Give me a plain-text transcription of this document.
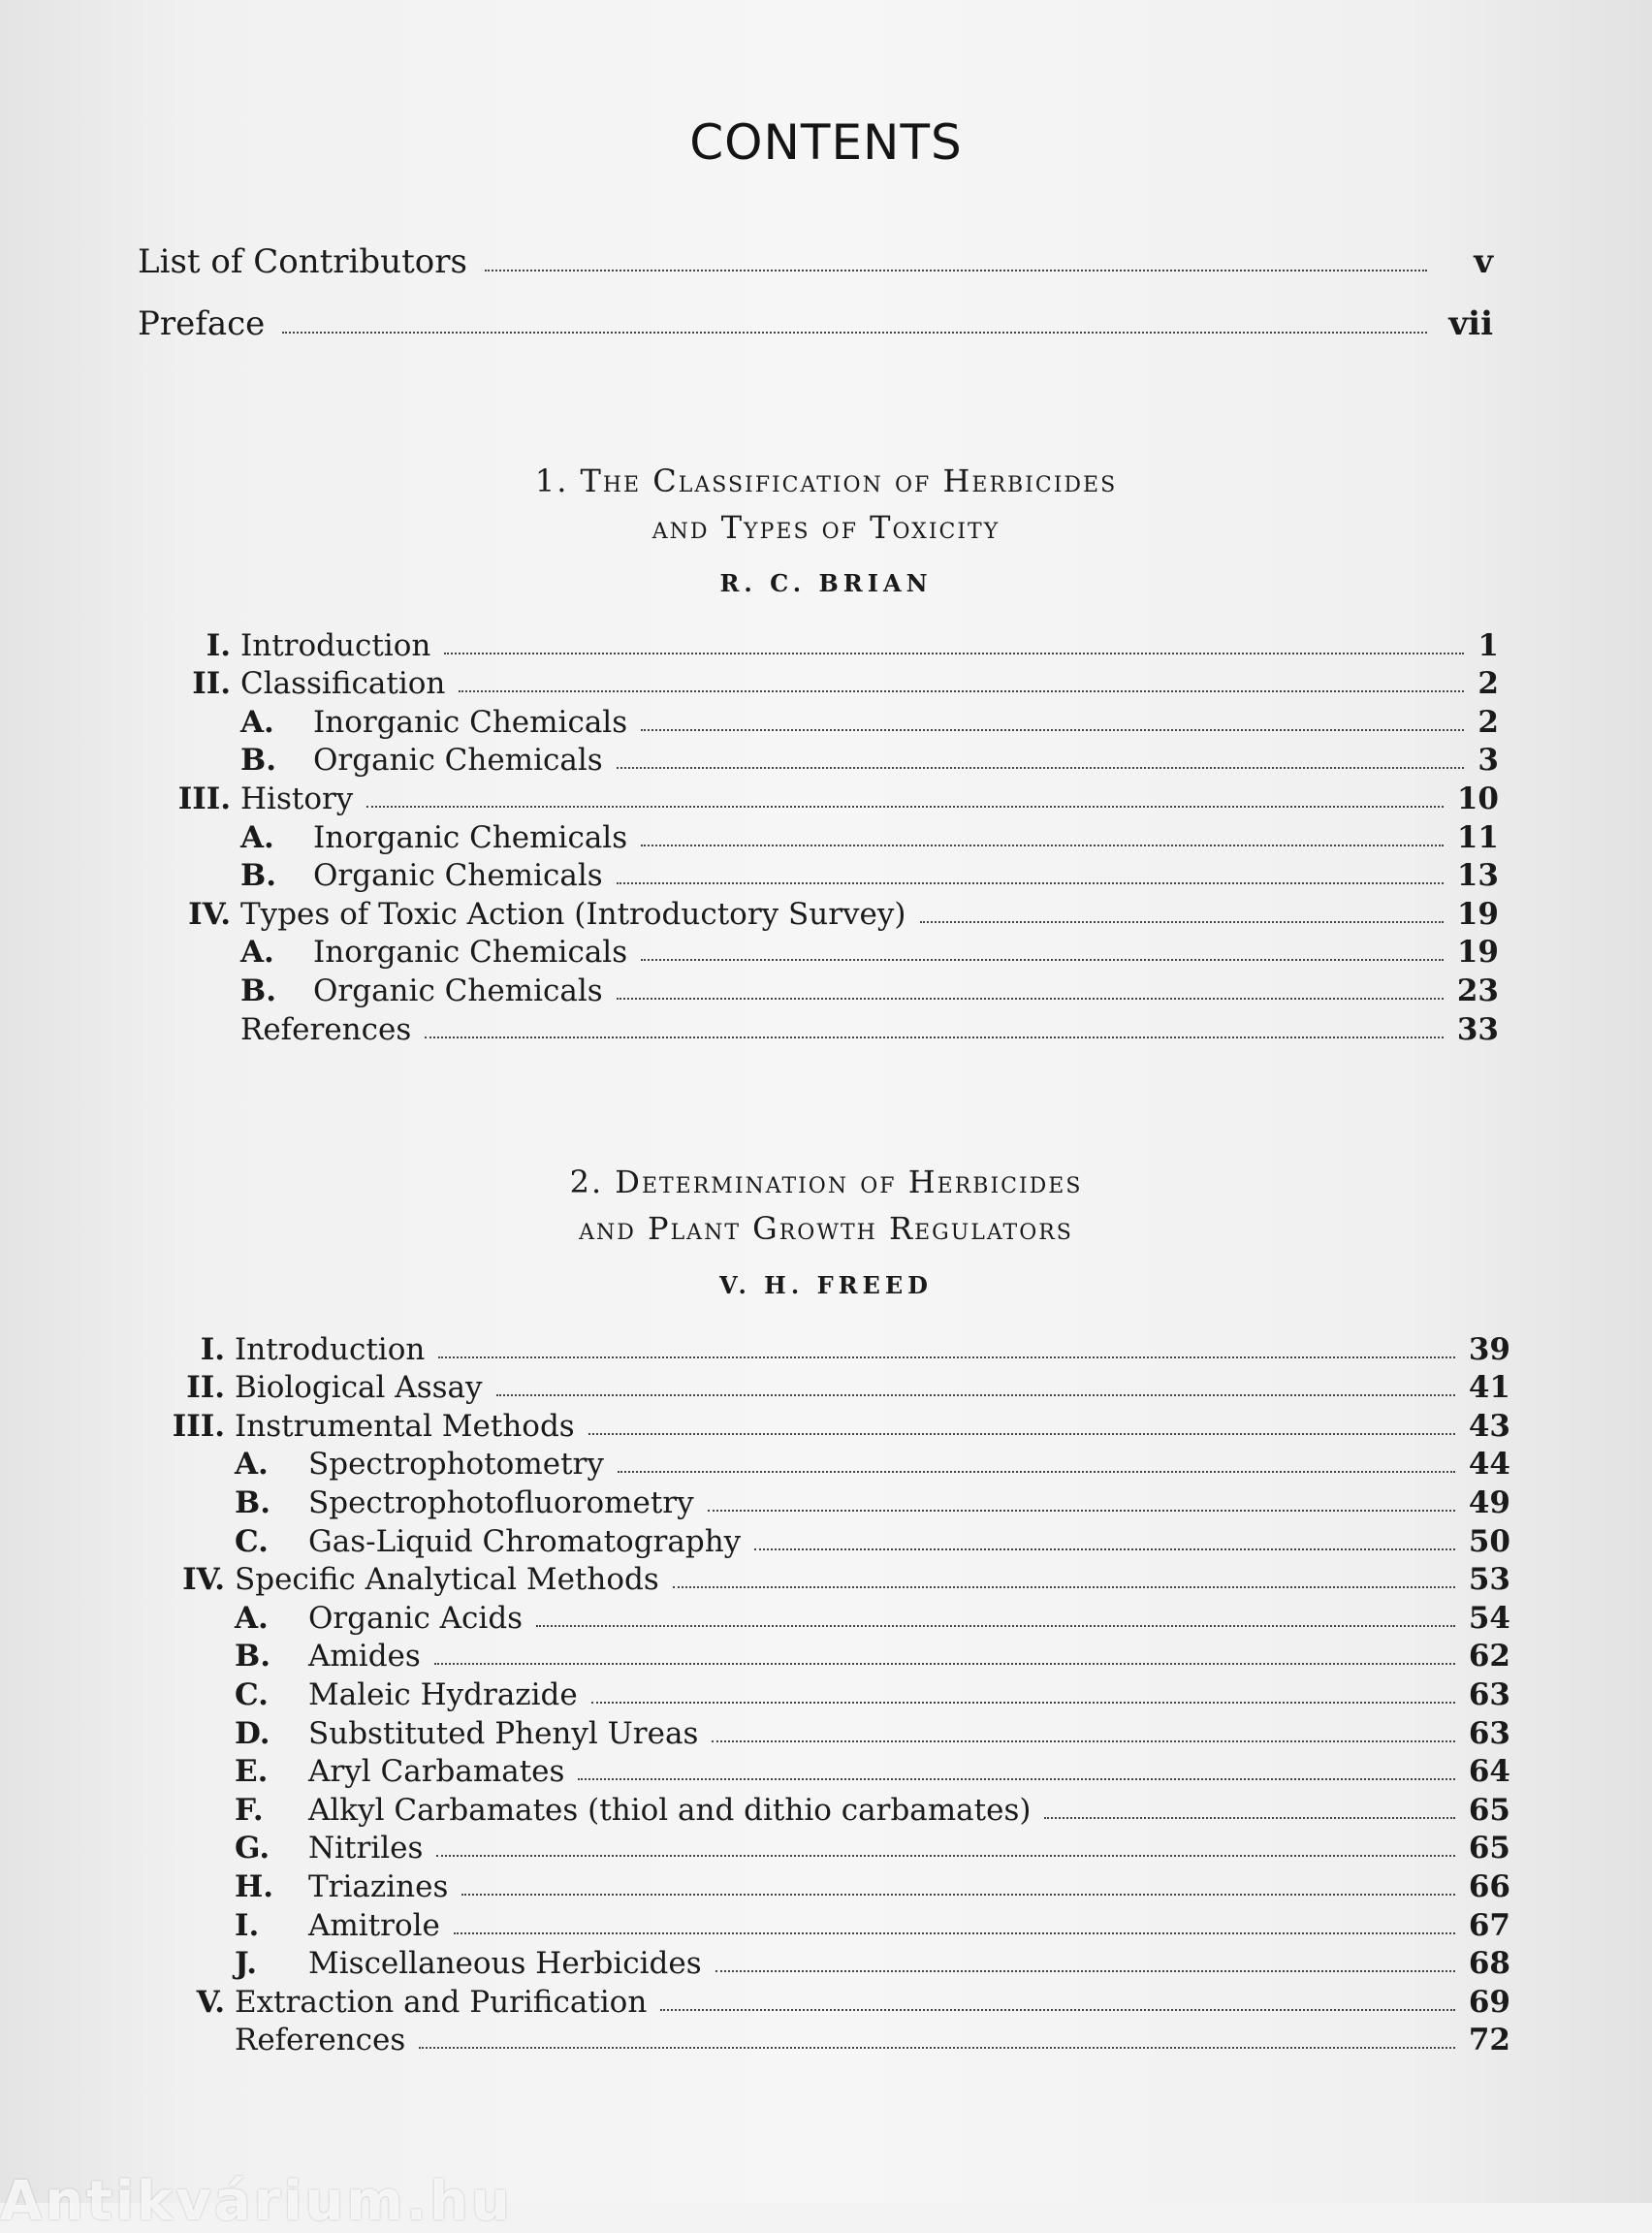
CONTENTS
List of Contributors	v
Preface	vii
1. The Classification of Herbicides
and Types of Toxicity
R. C. BRIAN
I. Introduction	1
II. Classification	2
A.	Inorganic Chemicals	2
B.	Organic Chemicals	3
III. History	10
A.	Inorganic Chemicals	11
B.	Organic Chemicals	13
IV. Types of Toxic Action (Introductory Survey)	19
A.	Inorganic Chemicals	19
B.	Organic Chemicals	23
References	33
2. Determination of Herbicides
and Plant Growth Regulators
V. H. FREED
I. Introduction	39
II. Biological Assay	41
III. Instrumental Methods	43
A.	Spectrophotometry	44
B.	Spectrophotofluorometry	49
C.	Gas-Liquid Chromatography	50
IV. Specific Analytical Methods	53
A.	Organic Acids	54
B.	Amides	62
C.	Maleic Hydrazide	63
D.	Substituted Phenyl Ureas	63
E.	Aryl Carbamates	64
F.	Alkyl Carbamates (thiol and dithio carbamates)	65
G.	Nitriles	65
H.	Triazines	66
I.	Amitrole	67
J.	Miscellaneous Herbicides	68
V. Extraction and Purification	69
References	72
Antikvárium.hu
